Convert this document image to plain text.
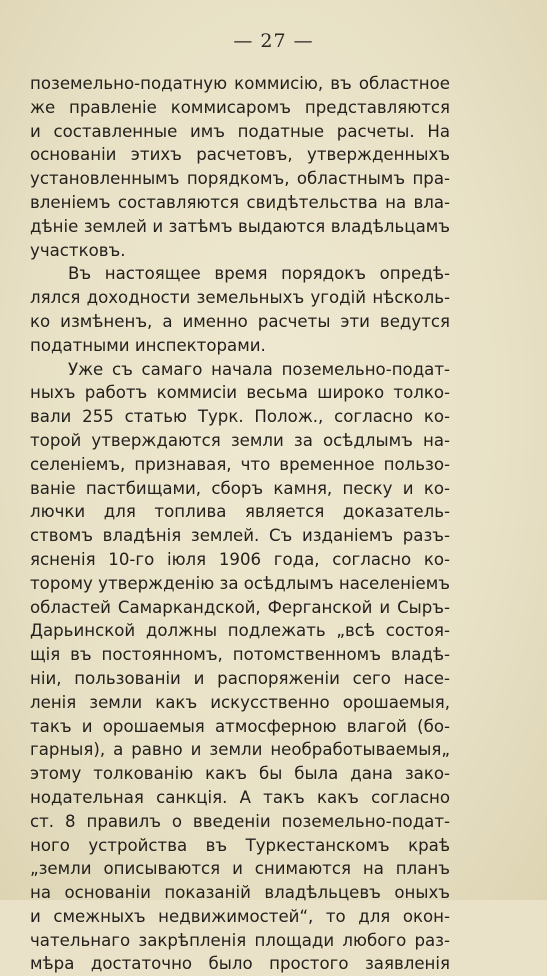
— 27 —
поземельно-податную коммисiю, въ областное
же правленiе коммисаромъ представляются
и составленные имъ податные расчеты. На
основанiи этихъ расчетовъ, утвержденныхъ
установленнымъ порядкомъ, областнымъ пра-
вленiемъ составляются свидѣтельства на вла-
дѣнiе землей и затѣмъ выдаются владѣльцамъ
участковъ.
Въ настоящее время порядокъ опредѣ-
лялся доходности земельныхъ угодiй нѣсколь-
ко измѣненъ, а именно расчеты эти ведутся
податными инспекторами.
Уже съ самаго начала поземельно-подат-
ныхъ работъ коммисiи весьма широко толко-
вали 255 статью Турк. Полож., согласно ко-
торой утверждаются земли за осѣдлымъ на-
селенiемъ, признавая, что временное пользо-
ванiе пастбищами, сборъ камня, песку и ко-
лючки для топлива является доказатель-
ствомъ владѣнiя землей. Съ изданiемъ разъ-
ясненiя 10-го iюля 1906 года, согласно ко-
торому утвержденiю за осѣдлымъ населенiемъ
областей Самаркандской, Ферганской и Сыръ-
Дарьинской должны подлежать „всѣ состоя-
щiя въ постоянномъ, потомственномъ владѣ-
нiи, пользованiи и распоряженiи сего насе-
ленiя земли какъ искусственно орошаемыя,
такъ и орошаемыя атмосферною влагой (бо-
гарныя), а равно и земли необработываемыя„
этому толкованiю какъ бы была дана зако-
нодательная санкцiя. А такъ какъ согласно
ст. 8 правилъ о введенiи поземельно-подат-
ного устройства въ Туркестанскомъ краѣ
„земли описываются и снимаются на планъ
на основанiи показанiй владѣльцевъ оныхъ
и смежныхъ недвижимостей“, то для окон-
чательнаго закрѣпленiя площади любого раз-
мѣра достаточно было простого заявленiя
